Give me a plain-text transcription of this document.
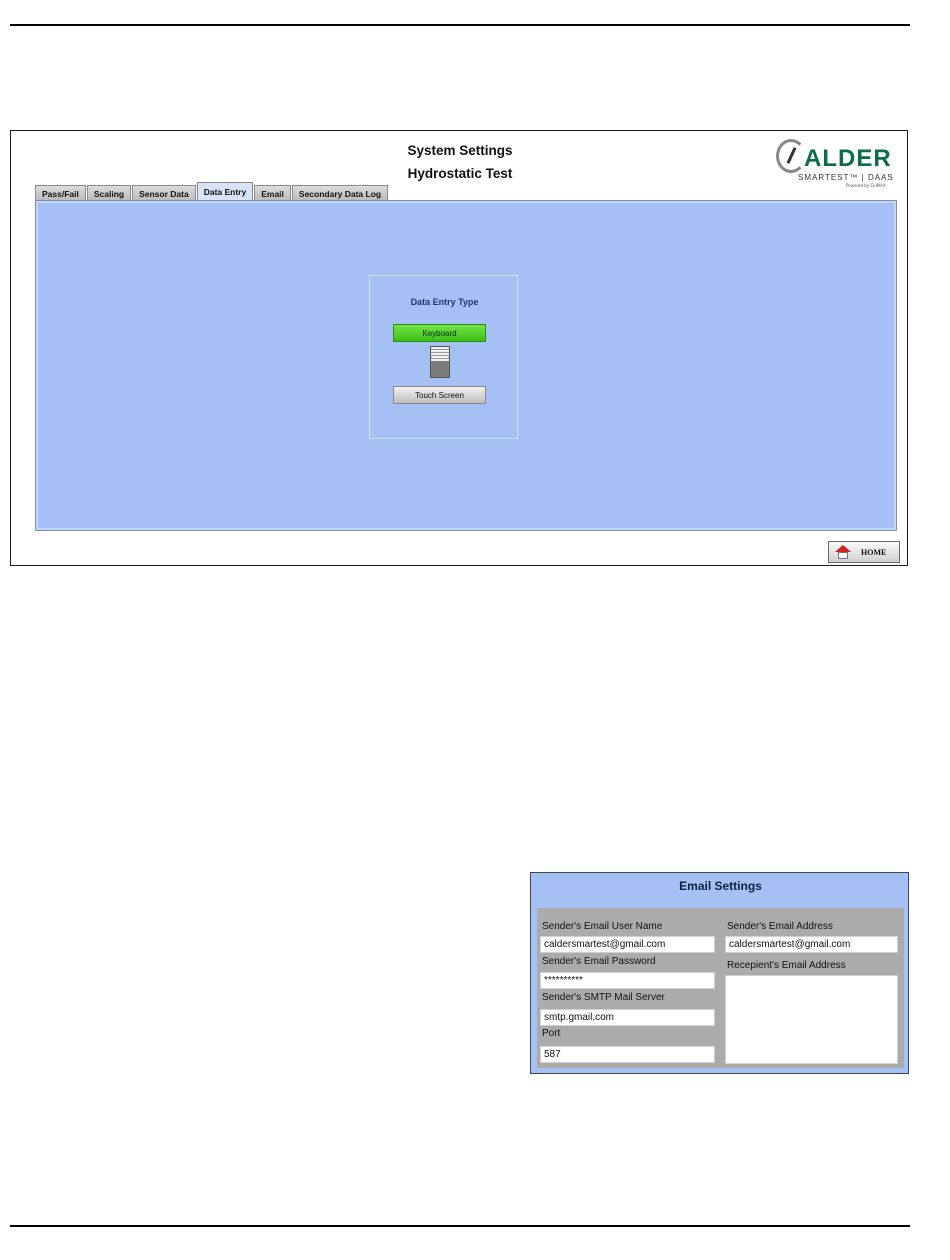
System Settings
Hydrostatic Test
ALDER
SMARTEST™ | DAAS
Powered by CLIMAX
Pass/Fail	Scaling	Sensor Data	Data Entry	Email	Secondary Data Log
Data Entry Type
Keyboard
Touch Screen
HOME
Email Settings
Sender's Email User Name
caldersmartest@gmail.com
Sender's Email Password
**********
Sender's SMTP Mail Server
smtp.gmail.com
Port
587
Sender's Email Address
caldersmartest@gmail.com
Recepient's Email Address
